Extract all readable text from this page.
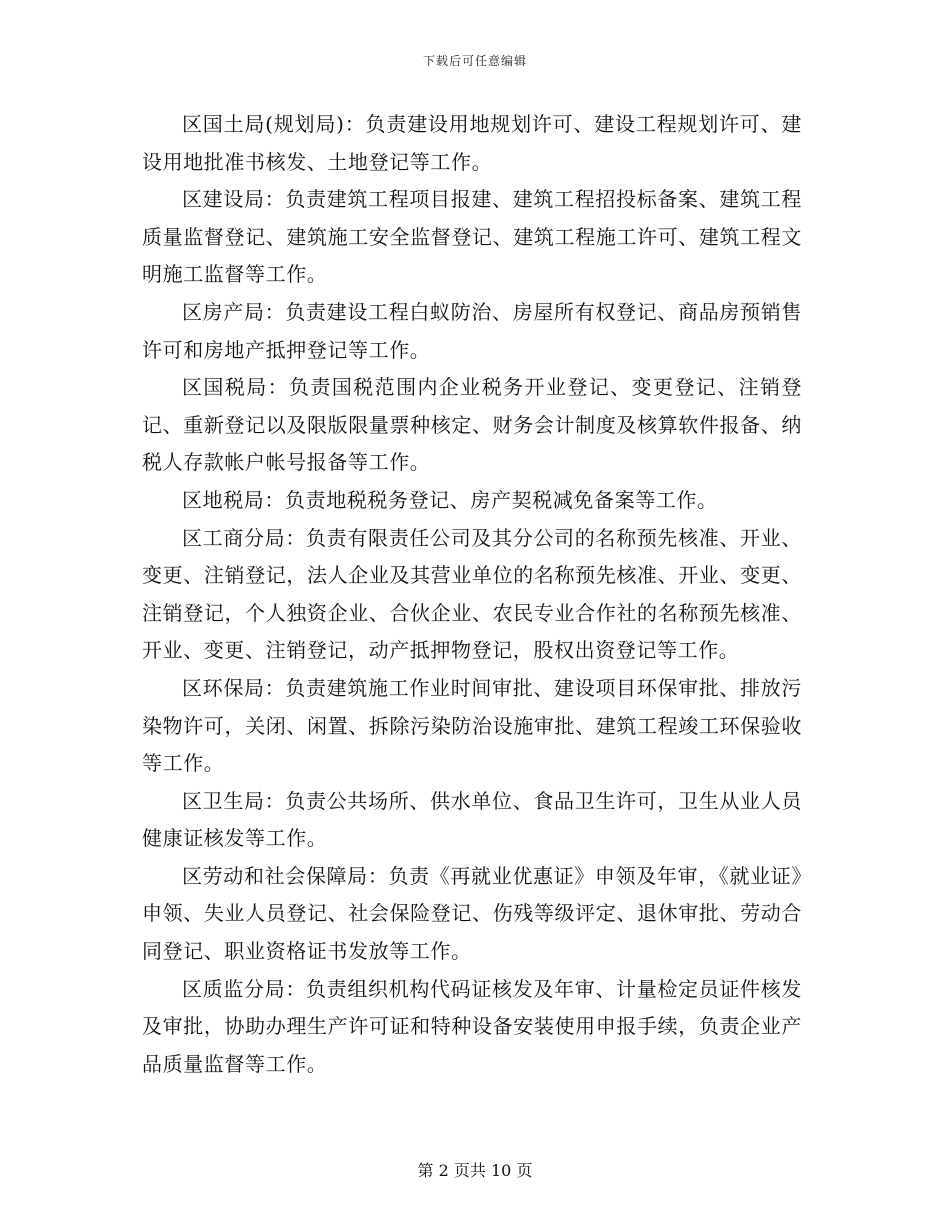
下载后可任意编辑

区国土局(规划局)：负责建设用地规划许可、建设工程规划许可、建设用地批准书核发、土地登记等工作。

区建设局：负责建筑工程项目报建、建筑工程招投标备案、建筑工程质量监督登记、建筑施工安全监督登记、建筑工程施工许可、建筑工程文明施工监督等工作。

区房产局：负责建设工程白蚁防治、房屋所有权登记、商品房预销售许可和房地产抵押登记等工作。

区国税局：负责国税范围内企业税务开业登记、变更登记、注销登记、重新登记以及限版限量票种核定、财务会计制度及核算软件报备、纳税人存款帐户帐号报备等工作。

区地税局：负责地税税务登记、房产契税减免备案等工作。

区工商分局：负责有限责任公司及其分公司的名称预先核准、开业、变更、注销登记，法人企业及其营业单位的名称预先核准、开业、变更、注销登记，个人独资企业、合伙企业、农民专业合作社的名称预先核准、开业、变更、注销登记，动产抵押物登记，股权出资登记等工作。

区环保局：负责建筑施工作业时间审批、建设项目环保审批、排放污染物许可，关闭、闲置、拆除污染防治设施审批、建筑工程竣工环保验收等工作。

区卫生局：负责公共场所、供水单位、食品卫生许可，卫生从业人员健康证核发等工作。

区劳动和社会保障局：负责《再就业优惠证》申领及年审，《就业证》申领、失业人员登记、社会保险登记、伤残等级评定、退休审批、劳动合同登记、职业资格证书发放等工作。

区质监分局：负责组织机构代码证核发及年审、计量检定员证件核发及审批，协助办理生产许可证和特种设备安装使用申报手续，负责企业产品质量监督等工作。

第 2 页共 10 页
